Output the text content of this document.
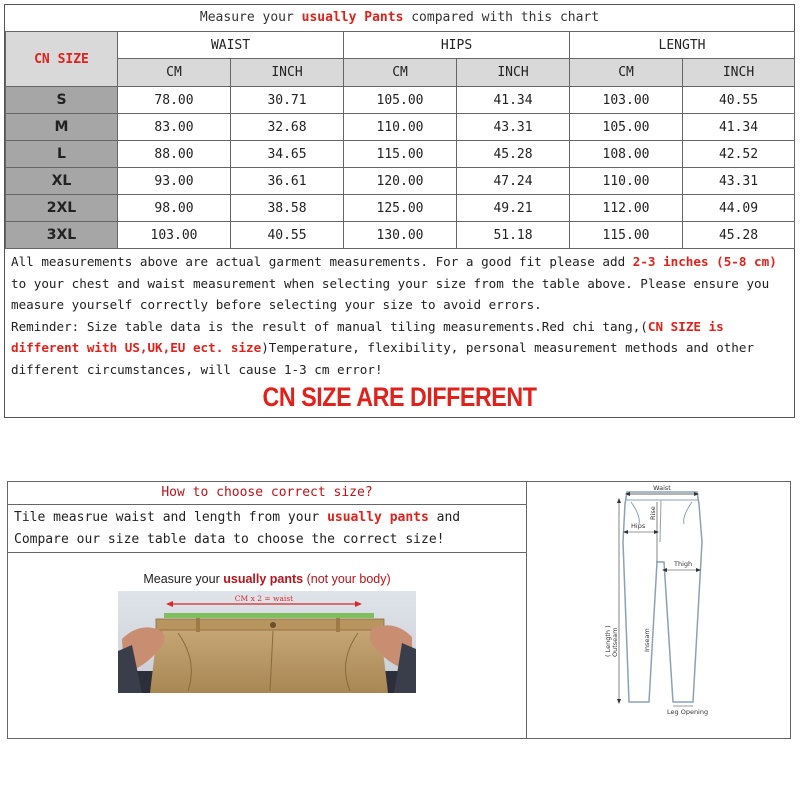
Measure your usually Pants compared with this chart
CN SIZE	WAIST		HIPS		LENGTH	
	CM	INCH	CM	INCH	CM	INCH
S	78.00	30.71	105.00	41.34	103.00	40.55
M	83.00	32.68	110.00	43.31	105.00	41.34
L	88.00	34.65	115.00	45.28	108.00	42.52
XL	93.00	36.61	120.00	47.24	110.00	43.31
2XL	98.00	38.58	125.00	49.21	112.00	44.09
3XL	103.00	40.55	130.00	51.18	115.00	45.28
All measurements above are actual garment measurements. For a good fit please add 2-3 inches (5-8 cm) to your chest and waist measurement when selecting your size from the table above. Please ensure you measure yourself correctly before selecting your size to avoid errors.
Reminder: Size table data is the result of manual tiling measurements.Red chi tang,(CN SIZE is different with US,UK,EU ect. size)Temperature, flexibility, personal measurement methods and other different circumstances, will cause 1-3 cm error!
CN SIZE ARE DIFFERENT
How to choose correct size?
Tile measrue waist and length from your usually pants and Compare our size table data to choose the correct size!
Measure your usually pants (not your body)
CM x 2 = waist
Waist
Rise
Hips
Thigh
( Length ) Outseam	Inseam
Leg Opening
